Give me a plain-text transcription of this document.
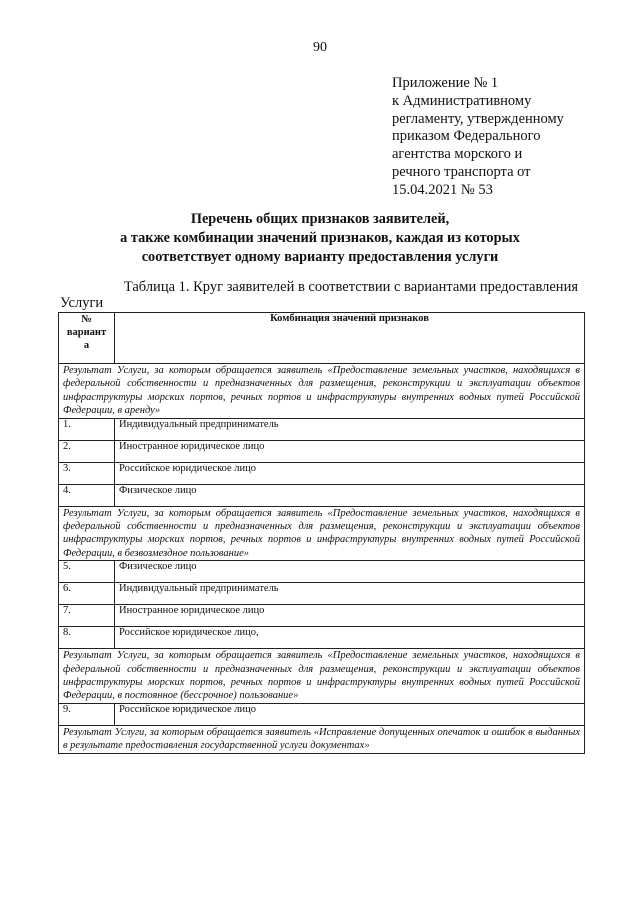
90
Приложение № 1
к Административному
регламенту, утвержденному
приказом Федерального
агентства морского и
речного транспорта от
15.04.2021 № 53
Перечень общих признаков заявителей,
а также комбинации значений признаков, каждая из которых
соответствует одному варианту предоставления услуги
Таблица 1. Круг заявителей в соответствии с вариантами предоставления
Услуги
№ вариант а	Комбинация значений признаков
Результат Услуги, за которым обращается заявитель «Предоставление земельных участков, находящихся в федеральной собственности и предназначенных для размещения, реконструкции и эксплуатации объектов инфраструктуры морских портов, речных портов и инфраструктуры внутренних водных путей Российской Федерации, в аренду»	
1.	Индивидуальный предприниматель
2.	Иностранное юридическое лицо
3.	Российское юридическое лицо
4.	Физическое лицо
Результат Услуги, за которым обращается заявитель «Предоставление земельных участков, находящихся в федеральной собственности и предназначенных для размещения, реконструкции и эксплуатации объектов инфраструктуры морских портов, речных портов и инфраструктуры внутренних водных путей Российской Федерации, в безвозмездное пользование»	
5.	Физическое лицо
6.	Индивидуальный предприниматель
7.	Иностранное юридическое лицо
8.	Российское юридическое лицо,
Результат Услуги, за которым обращается заявитель «Предоставление земельных участков, находящихся в федеральной собственности и предназначенных для размещения, реконструкции и эксплуатации объектов инфраструктуры морских портов, речных портов и инфраструктуры внутренних водных путей Российской Федерации, в постоянное (бессрочное) пользование»	
9.	Российское юридическое лицо
Результат Услуги, за которым обращается заявитель «Исправление допущенных опечаток и ошибок в выданных в результате предоставления государственной услуги документах»	
